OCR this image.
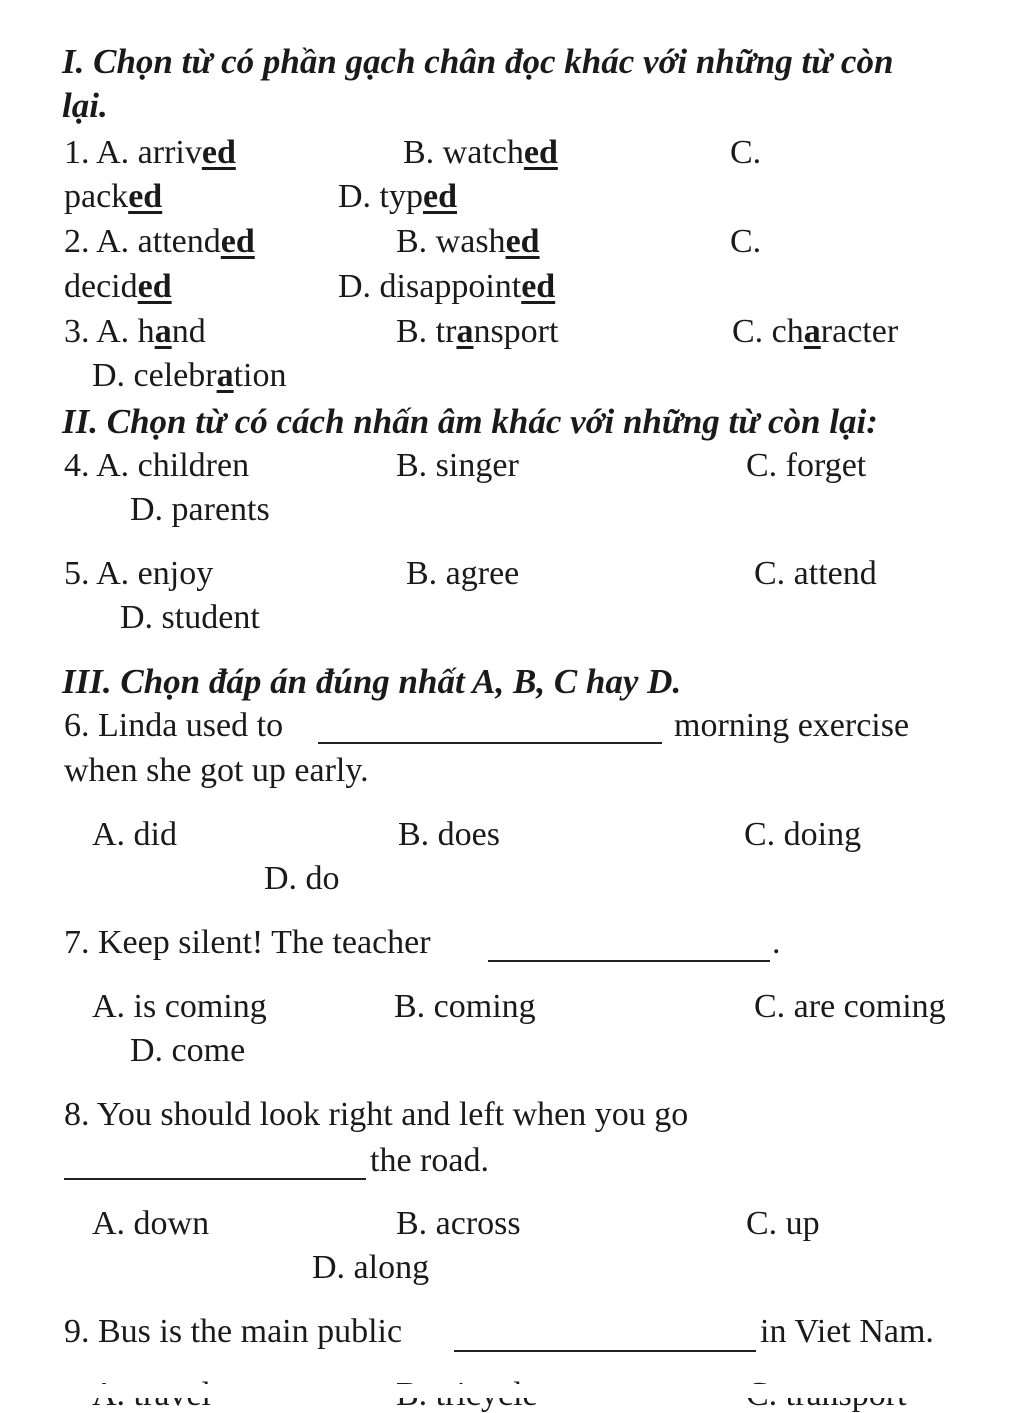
I. Chọn từ có phần gạch chân đọc khác với những từ còn
lại.
1. A. arrived	B. watched	C.
packed	D. typed
2. A. attended	B. washed	C.
decided	D. disappointed
3. A. hand	B. transport	C. character
D. celebration
II. Chọn từ có cách nhấn âm khác với những từ còn lại:
4. A. children	B. singer	C. forget
D. parents
5. A. enjoy	B. agree	C. attend
D. student
III. Chọn đáp án đúng nhất A, B, C hay D.
6. Linda used to	morning exercise
when she got up early.
A. did	B. does	C. doing
D. do
7. Keep silent! The teacher	.
A. is coming	B. coming	C. are coming
D. come
8. You should look right and left when you go
the road.
A. down	B. across	C. up
D. along
9. Bus is the main public	in Viet Nam.
